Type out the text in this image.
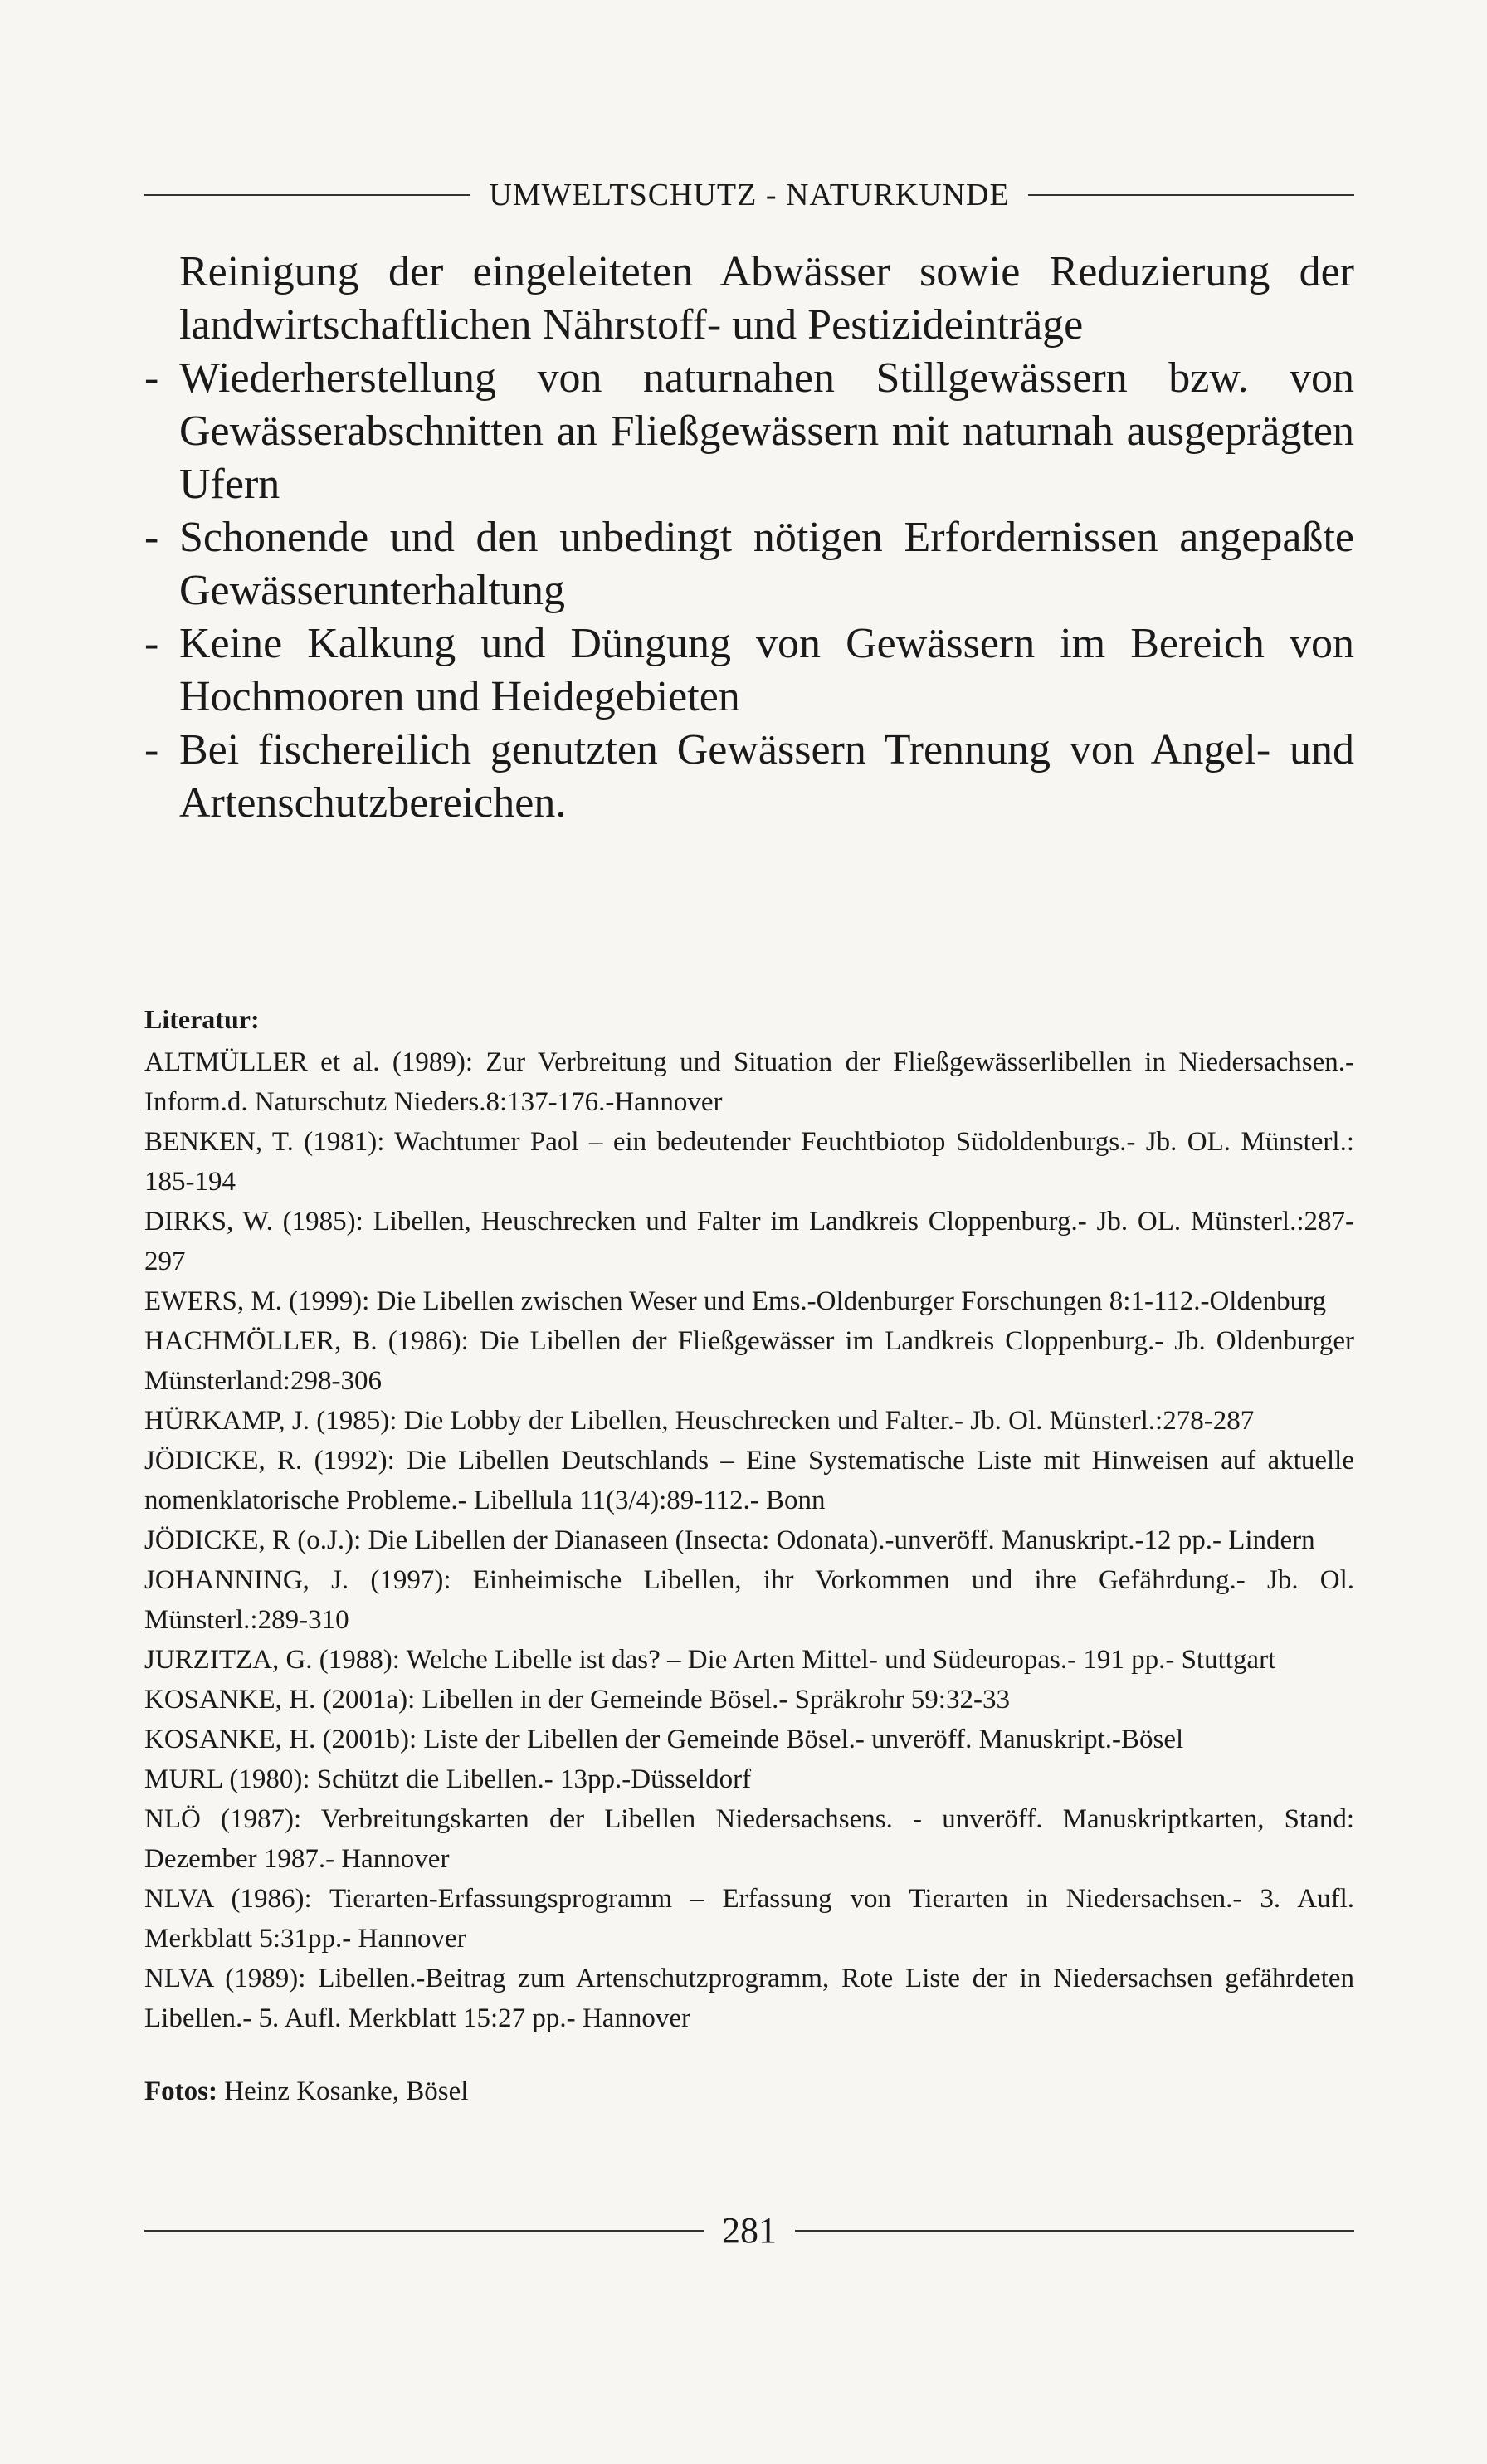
UMWELTSCHUTZ - NATURKUNDE

Reinigung der eingeleiteten Abwässer sowie Reduzierung der landwirtschaftlichen Nährstoff- und Pestizideinträge

- Wiederherstellung von naturnahen Stillgewässern bzw. von Gewässerabschnitten an Fließgewässern mit naturnah ausgeprägten Ufern
- Schonende und den unbedingt nötigen Erfordernissen angepaßte Gewässerunterhaltung
- Keine Kalkung und Düngung von Gewässern im Bereich von Hochmooren und Heidegebieten
- Bei fischereilich genutzten Gewässern Trennung von Angel- und Artenschutzbereichen.
Literatur:
ALTMÜLLER et al. (1989): Zur Verbreitung und Situation der Fließgewässerlibellen in Niedersachsen.- Inform.d. Naturschutz Nieders.8:137-176.-Hannover
BENKEN, T. (1981): Wachtumer Paol – ein bedeutender Feuchtbiotop Südoldenburgs.- Jb. OL. Münsterl.: 185-194
DIRKS, W. (1985): Libellen, Heuschrecken und Falter im Landkreis Cloppenburg.- Jb. OL. Münsterl.:287-297
EWERS, M. (1999): Die Libellen zwischen Weser und Ems.-Oldenburger Forschungen 8:1-112.-Oldenburg
HACHMÖLLER, B. (1986): Die Libellen der Fließgewässer im Landkreis Cloppenburg.- Jb. Oldenburger Münsterland:298-306
HÜRKAMP, J. (1985): Die Lobby der Libellen, Heuschrecken und Falter.- Jb. Ol. Münsterl.:278-287
JÖDICKE, R. (1992): Die Libellen Deutschlands – Eine Systematische Liste mit Hinweisen auf aktuelle nomenklatorische Probleme.- Libellula 11(3/4):89-112.- Bonn
JÖDICKE, R (o.J.): Die Libellen der Dianaseen (Insecta: Odonata).-unveröff. Manuskript.-12 pp.- Lindern
JOHANNING, J. (1997): Einheimische Libellen, ihr Vorkommen und ihre Gefährdung.- Jb. Ol. Münsterl.:289-310
JURZITZA, G. (1988): Welche Libelle ist das? – Die Arten Mittel- und Südeuropas.- 191 pp.- Stuttgart
KOSANKE, H. (2001a): Libellen in der Gemeinde Bösel.- Spräkrohr 59:32-33
KOSANKE, H. (2001b): Liste der Libellen der Gemeinde Bösel.- unveröff. Manuskript.-Bösel
MURL (1980): Schützt die Libellen.- 13pp.-Düsseldorf
NLÖ (1987): Verbreitungskarten der Libellen Niedersachsens. - unveröff. Manuskriptkarten, Stand: Dezember 1987.- Hannover
NLVA (1986): Tierarten-Erfassungsprogramm – Erfassung von Tierarten in Niedersachsen.- 3. Aufl. Merkblatt 5:31pp.- Hannover
NLVA (1989): Libellen.-Beitrag zum Artenschutzprogramm, Rote Liste der in Niedersachsen gefährdeten Libellen.- 5. Aufl. Merkblatt 15:27 pp.- Hannover
Fotos: Heinz Kosanke, Bösel
281
